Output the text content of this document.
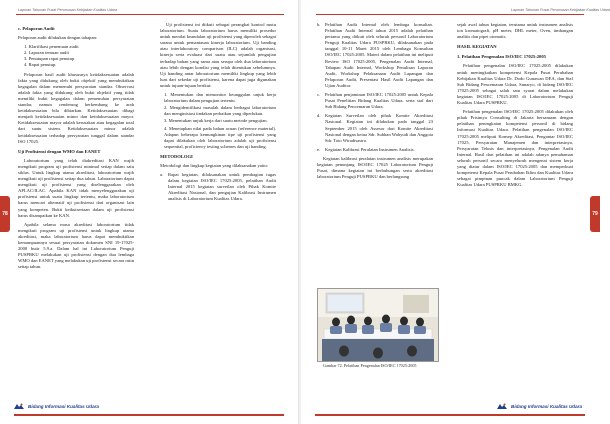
Laporan Tahunan Pusat Perumusan Kebijakan Kualitas Udara

c. Pelaporan Audit

Pelaporan audit dilakukan dengan tahapan:

1. Klarifikasi penemuan audit
2. Laporan temuan audit
3. Penutupan rapat penutup
4. Rapat penutup.

Pelaporan hasil audit khususnya ketidaksesuaian adalah fakta yang didukung oleh bukti objektif yang membuktikan kegagalan dalam memenuhi persyaratan standar. Observasi adalah fakta yang didukung oleh bukti objektif yang tidak memiliki bukti kegagalan dalam pemenuhan persyaratan standar, namun cenderung berkembang ke arah ketidaksesuaian bila dibiarkan. Ketidaksesuaian dibagi menjadi ketidaksesuaian minor dan ketidaksesuaian mayor. Ketidaksesuaian mayor adalah kerusakan atau kegagalan total dari suatu sistem. Ketidaksesuaian minor adalah ketidaksesuaian terhadap persyaratan tunggal dalam standar ISO 17025.

Uji Profisiensi dengan WMO dan EANET

Laboratorium yang telah diakreditasi KAN wajib mengikuti program uji profisiensi minimal setiap dalam satu siklus. Untuk lingkup utama akreditasi, laboratorium wajib mengikuti uji profisiensi setiap dua tahun. Laboratorium dapat mengikuti uji profisiensi yang diselenggarakan oleh APLAC/ILAC. Apabila KAN tidak menyelenggarakan uji profisiensi untuk suatu lingkup tertentu, maka laboratorium harus mencari alternatif uji profisiensi dari organisasi lain yang kompeten. Bukti keikutsertaan dalam uji profisiensi harus disampaikan ke KAN.

Apabila selama masa akreditasi laboratorium tidak mengikuti program uji profisiensi untuk lingkup utama akreditasi, maka laboratorium harus dapat membuktikan kemampuannya sesuai persyaratan dokumen SNI 19-17025-2000 butir 5.9.a. Dalam hal ini Laboratorium Penguji PUSPRKU melakukan uji profisiensi dengan dua lembaga WMO dan EANET yang melakukan uji profisiensi secara rutin setiap tahun.

Uji profisiensi ini diikuti sebagai perangkat kontrol mutu laboratorium. Suatu laboratorium harus memiliki prosedur untuk menilai keandalan uji profisiensi yang diperoleh sebagai sarana untuk pemantauan kinerja laboratorium. Uji banding atau interlaboratory comparison (ILC) adalah organisasi, kinerja serta evaluasi dari suatu atau sejumlah pengujian terhadap bahan yang sama atau serupa oleh dua laboratorium atau lebih dengan kondisi yang telah ditentukan sebelumnya. Uji banding antar laboratorium memiliki lingkup yang lebih luas dari sekedar uji profisiensi, karena dapat juga digunakan untuk tujuan-tujuan berikut:

1. Menentukan dan memonitor keunggulan unjuk kerja laboratorium dalam pengujian tertentu.
2. Mengidentifikasi masalah dalam berbagai laboratorium dan menginisiasi tindakan perbaikan yang diperlukan.
3. Menentukan unjuk kerja dari suatu metode pengujian.
4. Menetapkan nilai pada bahan acuan (reference material). Adapun beberapa kemungkinan tipe uji profisiensi yang dapat dilakukan oleh laboratorium adalah uji profisiensi sequential, proficiency testing schemes dan uji banding.

METODOLOGI

Metodologi dan lingkup kegiatan yang dilaksanakan yaitu:

a. Rapat kegiatan, dilaksanakan untuk pembagian tugas dalam kegiatan ISO/IEC 17025:2005, pelatihan Audit Internal 2015 kegiatan surveilan oleh Pihak Komite Akreditasi Nasional, dan pengujian Kalibrasi Instrumen analisis di Laboratorium Kualitas Udara.
78
Bidang Informasi Kualitas Udara
Laporan Tahunan Pusat Perumusan Kebijakan Kualitas Udara
b. Pelatihan Audit Internal oleh lembaga konsultan. Pelatihan Audit Internal tahun 2015 adalah pelatihan pertama yang diikuti oleh seluruh personil Laboratorium Penguji Kualitas Udara PUSPRKU, dilaksanakan pada tanggal 10-11 Maret 2015 oleh Lembaga Konsultan ISO/IEC 17025:2005. Materi dalam pelatihan ini meliputi Review ISO 17025:2005, Pengenalan Audit Internal, Tahapan Audit Internal, Workshop Penulisan Laporan Audit, Workshop Pelaksanaan Audit Lapangan dan Pelaporan Audit, Presentasi Hasil Audit Lapangan dan Ujian Auditor.
c. Pelatihan penjaminan ISO/IEC 17025:2005 untuk Kepala Pusat Penelitian Bidang Kualitas Udara, serta staf dari Sub Bidang Pencemaran Udara.
d. Kegiatan Surveilan oleh pihak Komite Akreditasi Nasional. Kegiatan ini dilakukan pada tanggal 23 September 2015 oleh Assesor dari Komite Akreditasi Nasional dengan ketua Sdr. Subhan Wahyudi dan Anggota Sdr. Toto Wiradisastra.
e. Kegiatan Kalibrasi Peralatan Instrumen Analisis.

Kegiatan kalibrasi peralatan instrumen analisis merupakan kegiatan penunjang ISO/IEC 17025 Laboratorium Penguji Pusat, dimana kegiatan ini berhubungan serta akreditasi laboratorium Penguji PUSPRKU dan berlangsung

sejak awal tahun kegiatan, terutama untuk instrumen analisis ion kromatografi, pH meter, DHL meter, Oven, timbangan analitis dan pipet otomatis.

HASIL KEGIATAN

1. Pelatihan Pengenalan ISO/IEC 17025:2005

Pelatihan pengenalan ISO/IEC 17025:2005 dilakukan untuk meningkatkan kompetensi Kepala Pusat Perubahan Kebijakan Kualitas Udara Dr. Dodo Gunawan DEA, dan Staf Sub Bidang Pencemaran Udara, Sunaryo, di bidang ISO/IEC 17025:2005 sebagai salah satu syarat dalam melakukan kegiatan ISO/IEC 17025:2005 di Laboratorium Penguji Kualitas Udara PUSPRKU.

Pelatihan pengenalan ISO/IEC 17025:2005 dilakukan oleh pihak Prisimya Consulting di Jakarta bersamaan dengan pelatihan peningkatan kompetensi personil di bidang Informasi Kualitas Udara. Pelatihan pengenalan ISO/IEC 17025:2005 meliputi Konsep Akreditasi, Pengantar ISO/IEC 17025, Persyaratan Manajemen dan interpretasinya, Persyaratan Teknis dan interpretasinya, Pengenalan Audit Internal. Hasil dari pelatihan ini adalah adanya pemahaman seluruh personil secara menyeluruh mengenai sistem kerja yang diatur dalam ISO/IEC 17025:2005 dan memperkuat kompetensi Kepala Pusat Perubahan Iklim dan Kualitas Udara sebagai pimpinan puncak dalam Laboratorium Penguji Kualitas Udara PUSPRKU BMKG.

Gambar 72. Pelatihan Pengenalan ISO/IEC 17025:2005
79
Bidang Informasi Kualitas Udara
